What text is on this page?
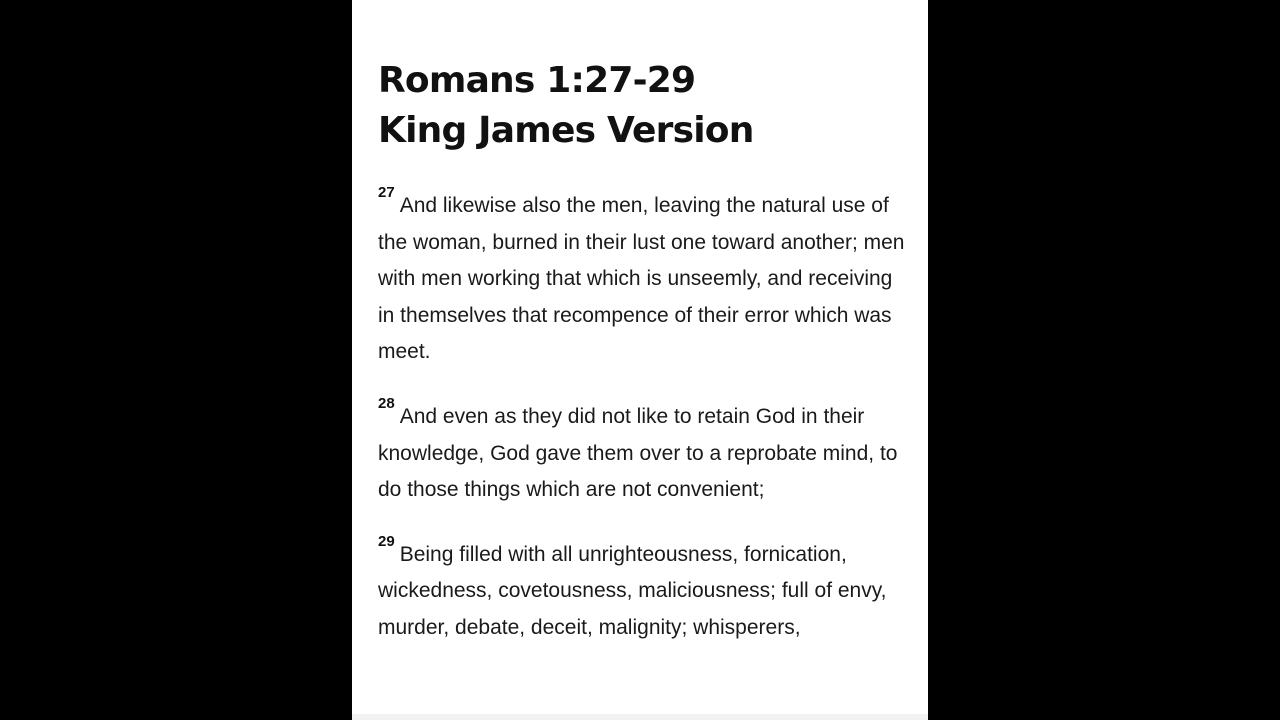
Romans 1:27-29
King James Version

$^{27}$And likewise also the men, leaving the natural use of the woman, burned in their lust one toward another; men with men working that which is unseemly, and receiving in themselves that recompence of their error which was meet.

$^{28}$And even as they did not like to retain God in their knowledge, God gave them over to a reprobate mind, to do those things which are not convenient;

$^{29}$Being filled with all unrighteousness, fornication, wickedness, covetousness, maliciousness; full of envy, murder, debate, deceit, malignity; whisperers,
